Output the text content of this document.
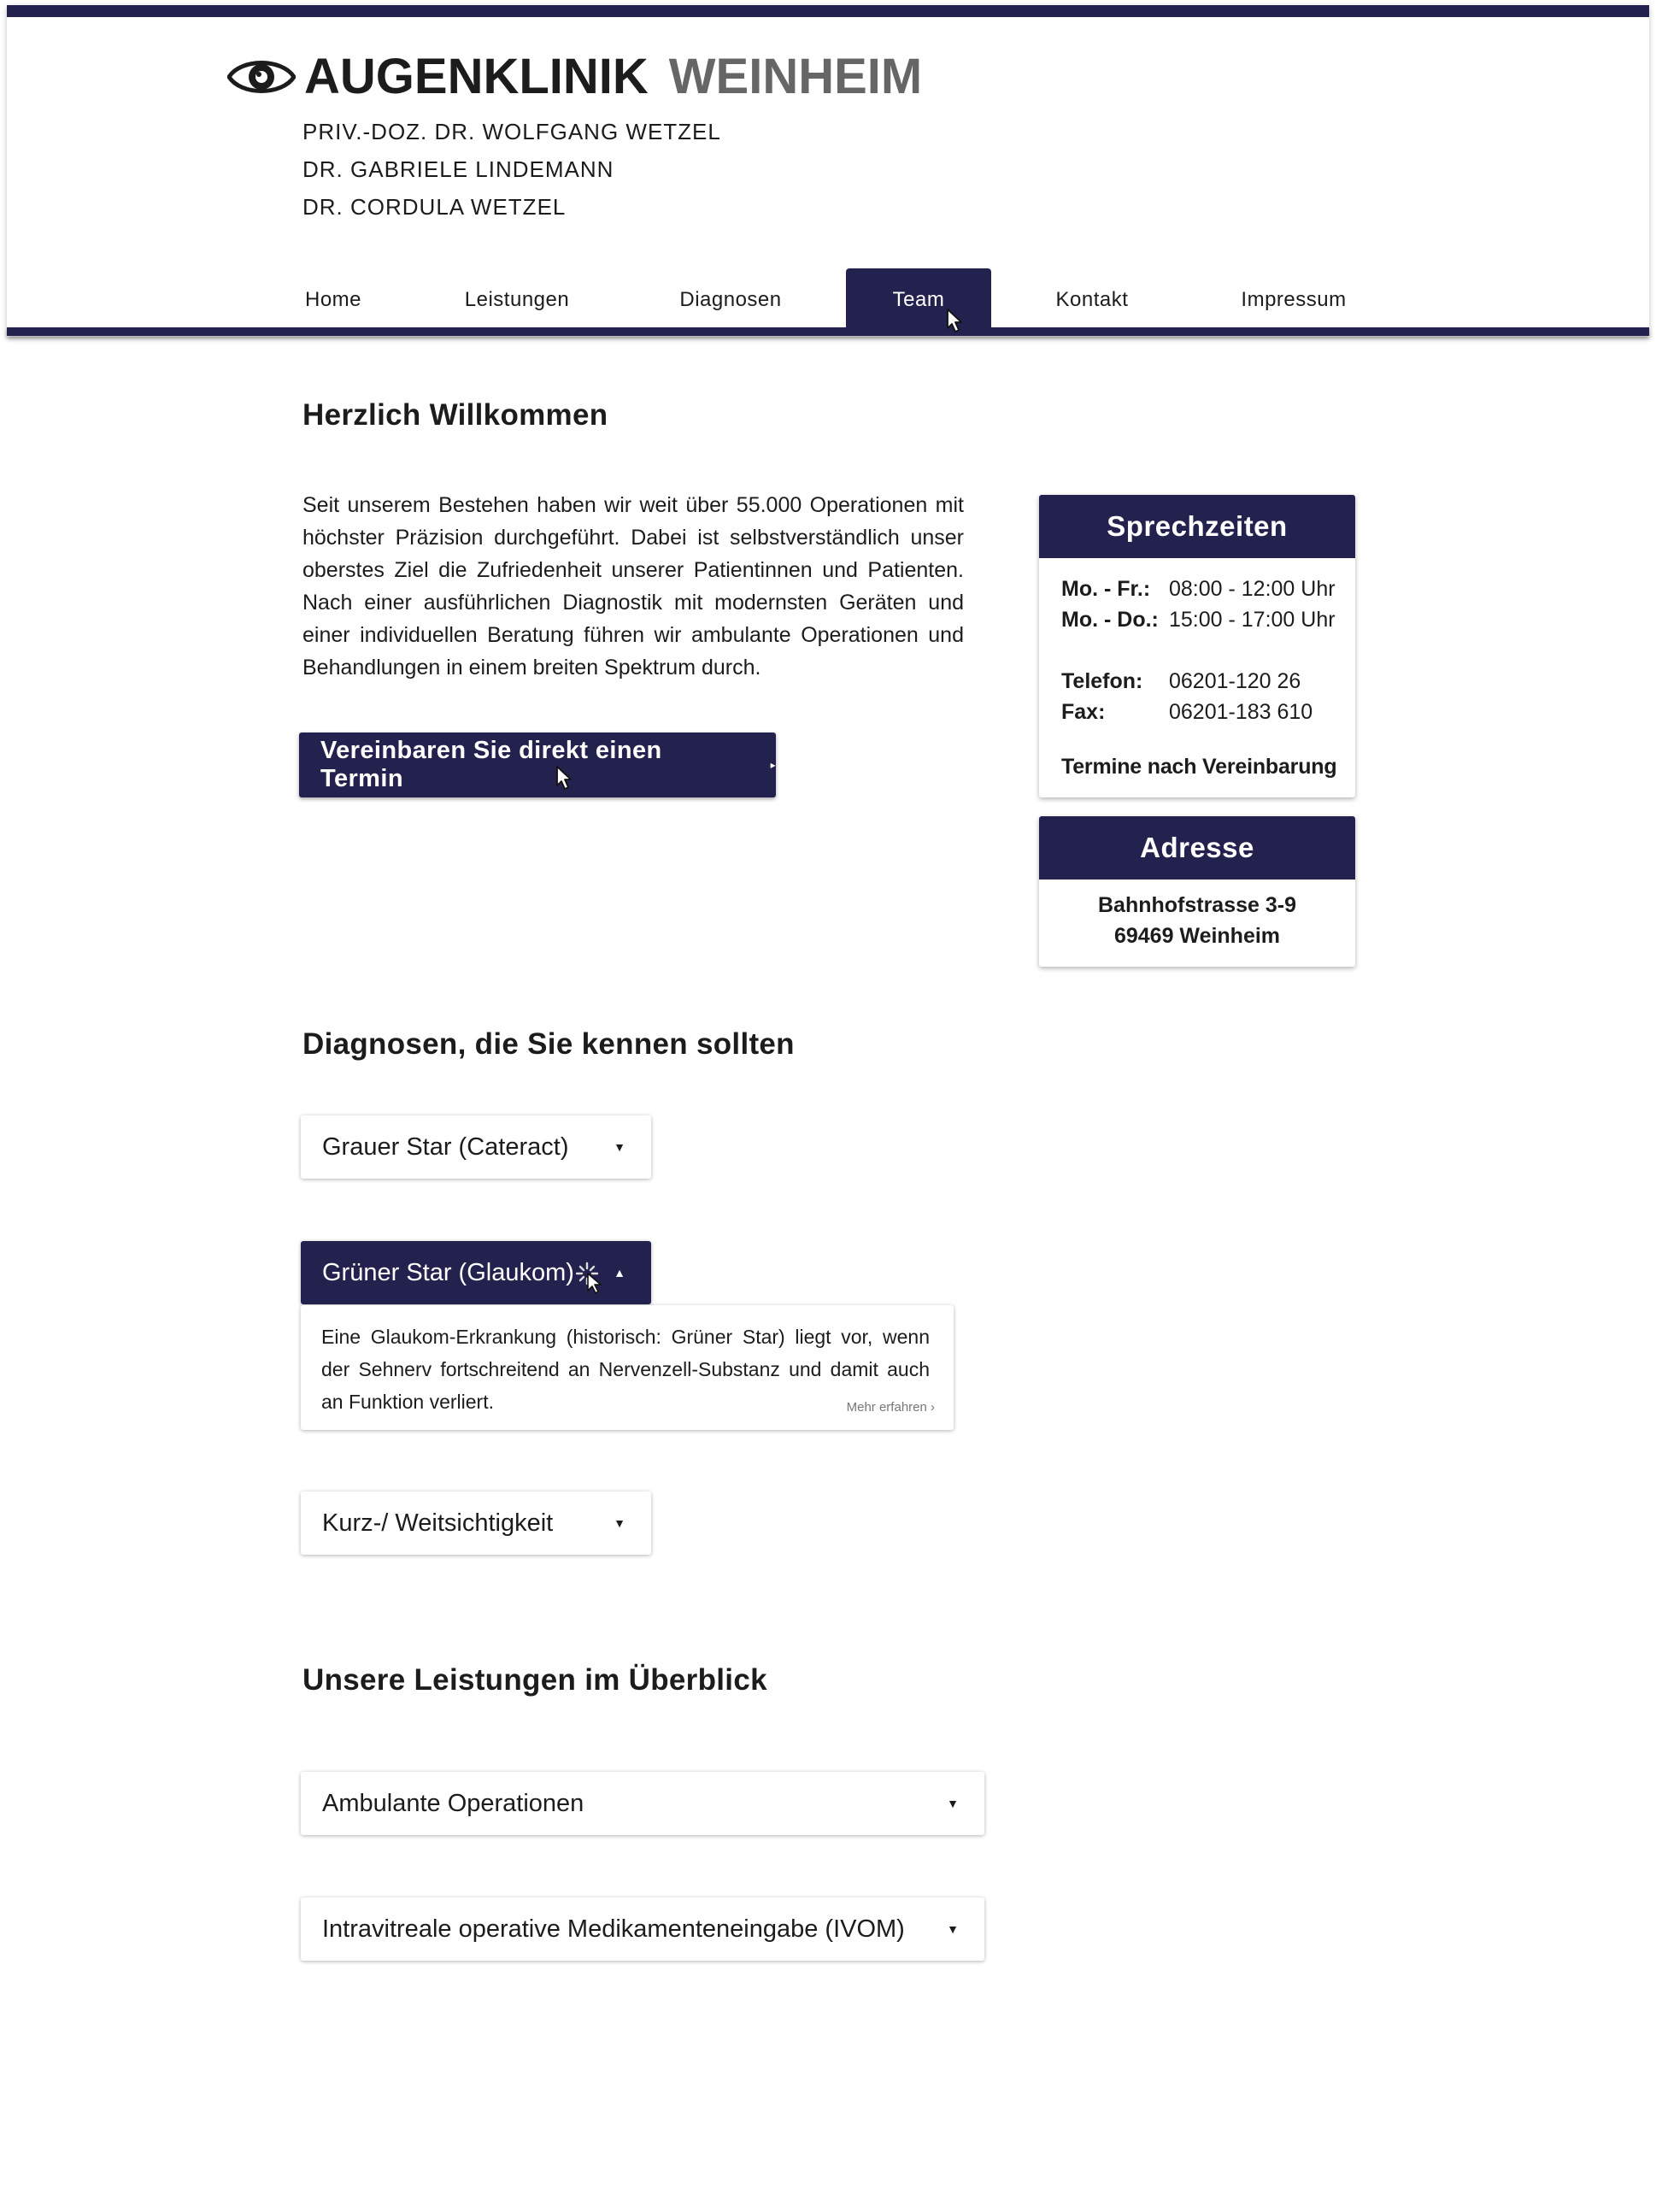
AUGENKLINIK WEINHEIM
PRIV.-DOZ. DR. WOLFGANG WETZEL
DR. GABRIELE LINDEMANN
DR. CORDULA WETZEL
Home	Leistungen	Diagnosen	Team	Kontakt	Impressum
Herzlich Willkommen
Seit unserem Bestehen haben wir weit über 55.000 Operationen mit höchster Präzision durchgeführt. Dabei ist selbstverständlich unser oberstes Ziel die Zufriedenheit unserer Patientinnen und Patienten. Nach einer ausführlichen Diagnostik mit modernsten Geräten und einer individuellen Beratung führen wir ambulante Operationen und Behandlungen in einem breiten Spektrum durch.
Vereinbaren Sie direkt einen Termin	▸
Sprechzeiten
Mo. - Fr.: 08:00 - 12:00 Uhr
Mo. - Do.: 15:00 - 17:00 Uhr
Telefon:	06201-120 26
Fax:	06201-183 610
Termine nach Vereinbarung
Adresse
Bahnhofstrasse 3-9
69469 Weinheim
Diagnosen, die Sie kennen sollten
Grauer Star (Cateract)	▼
Grüner Star (Glaukom)	▲
Eine Glaukom-Erkrankung (historisch: Grüner Star) liegt vor, wenn der Sehnerv fortschreitend an Nervenzell-Substanz und damit auch an Funktion verliert.	Mehr erfahren ›
Kurz-/ Weitsichtigkeit	▼
Unsere Leistungen im Überblick
Ambulante Operationen	▼
Intravitreale operative Medikamenteneingabe (IVOM)	▼
